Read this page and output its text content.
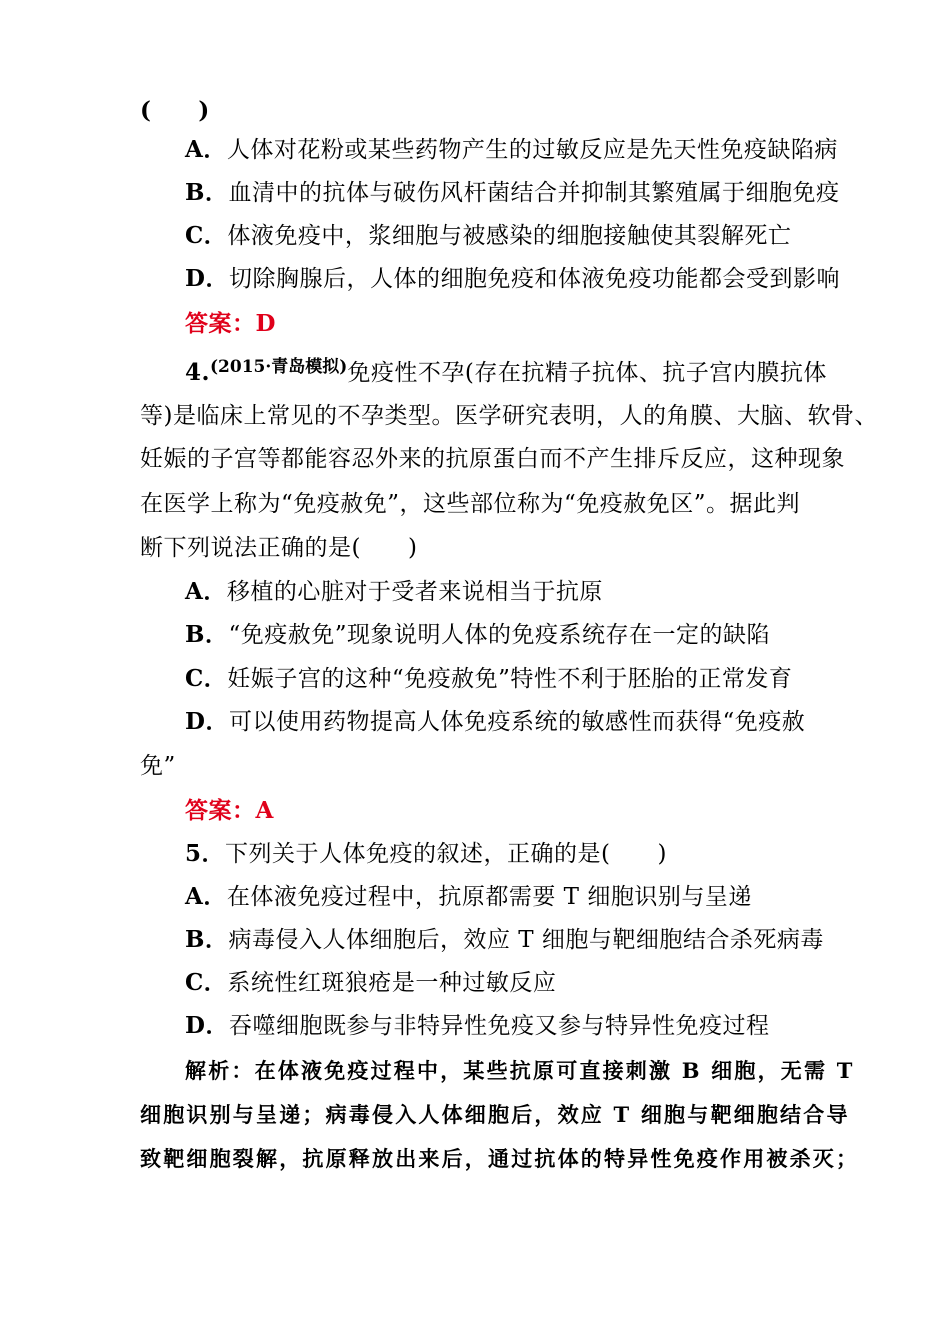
(　　)
A．人体对花粉或某些药物产生的过敏反应是先天性免疫缺陷病
B．血清中的抗体与破伤风杆菌结合并抑制其繁殖属于细胞免疫
C．体液免疫中，浆细胞与被感染的细胞接触使其裂解死亡
D．切除胸腺后，人体的细胞免疫和体液免疫功能都会受到影响
答案：D
4.$^{(2015\cdot 青岛模拟)}$免疫性不孕(存在抗精子抗体、抗子宫内膜抗体
等)是临床上常见的不孕类型。医学研究表明，人的角膜、大脑、软骨、
妊娠的子宫等都能容忍外来的抗原蛋白而不产生排斥反应，这种现象
在医学上称为“免疫赦免”，这些部位称为“免疫赦免区”。据此判
断下列说法正确的是(　　)
A．移植的心脏对于受者来说相当于抗原
B．“免疫赦免”现象说明人体的免疫系统存在一定的缺陷
C．妊娠子宫的这种“免疫赦免”特性不利于胚胎的正常发育
D．可以使用药物提高人体免疫系统的敏感性而获得“免疫赦
免”
答案：A
5．下列关于人体免疫的叙述，正确的是(　　)
A．在体液免疫过程中，抗原都需要 T 细胞识别与呈递
B．病毒侵入人体细胞后，效应 T 细胞与靶细胞结合杀死病毒
C．系统性红斑狼疮是一种过敏反应
D．吞噬细胞既参与非特异性免疫又参与特异性免疫过程
解析：在体液免疫过程中，某些抗原可直接刺激 B 细胞，无需 T
细胞识别与呈递；病毒侵入人体细胞后，效应 T 细胞与靶细胞结合导
致靶细胞裂解，抗原释放出来后，通过抗体的特异性免疫作用被杀灭；
